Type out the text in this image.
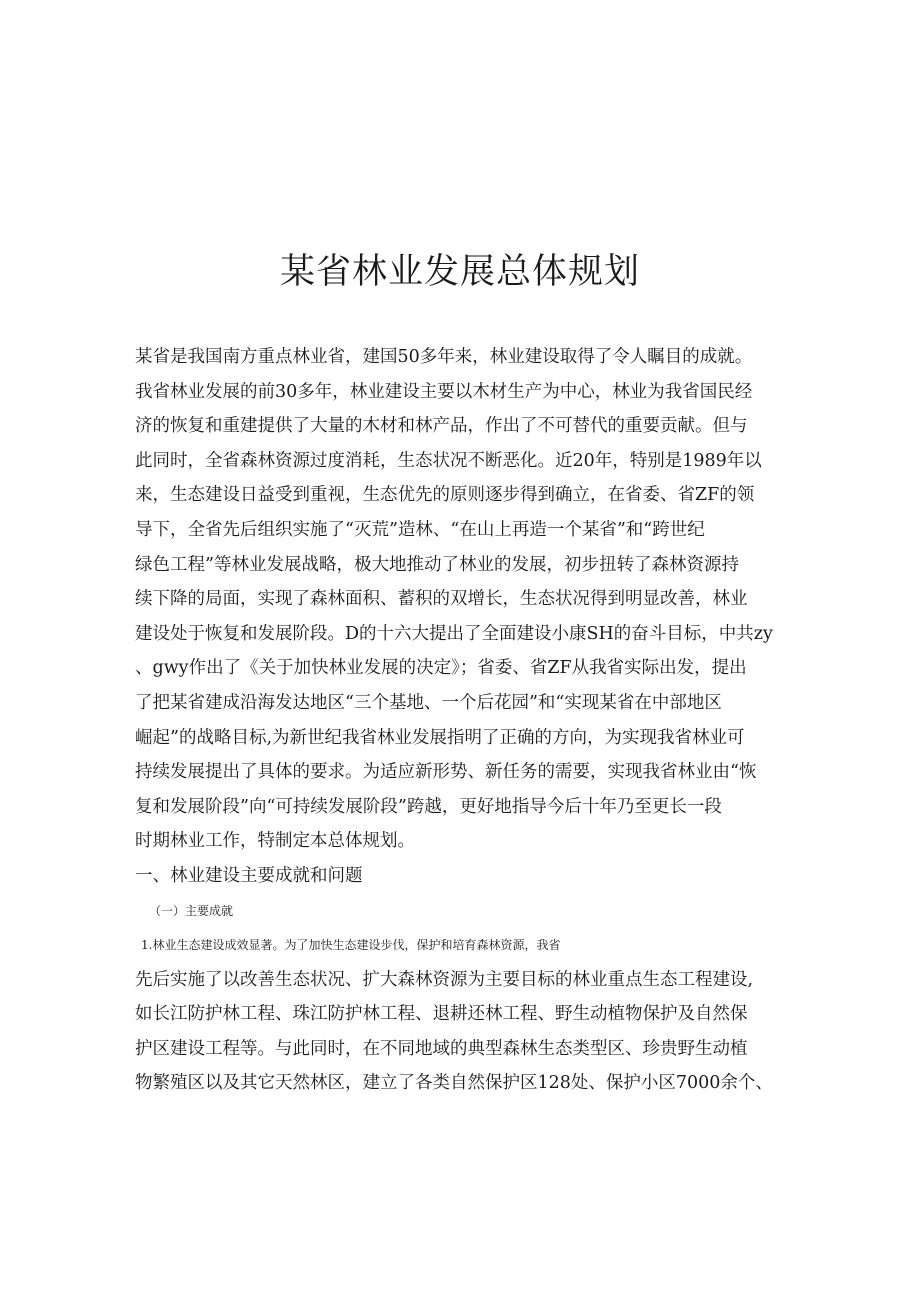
某省林业发展总体规划
某省是我国南方重点林业省，建国50多年来，林业建设取得了令人瞩目的成就。
我省林业发展的前30多年，林业建设主要以木材生产为中心，林业为我省国民经
济的恢复和重建提供了大量的木材和林产品，作出了不可替代的重要贡献。但与
此同时，全省森林资源过度消耗，生态状况不断恶化。近20年，特别是1989年以
来，生态建设日益受到重视，生态优先的原则逐步得到确立，在省委、省ZF的领
导下，全省先后组织实施了“灭荒”造林、“在山上再造一个某省”和“跨世纪
绿色工程”等林业发展战略，极大地推动了林业的发展，初步扭转了森林资源持
续下降的局面，实现了森林面积、蓄积的双增长，生态状况得到明显改善，林业
建设处于恢复和发展阶段。D的十六大提出了全面建设小康SH的奋斗目标，中共zy
、gwy作出了《关于加快林业发展的决定》；省委、省ZF从我省实际出发，提出
了把某省建成沿海发达地区“三个基地、一个后花园”和“实现某省在中部地区
崛起”的战略目标,为新世纪我省林业发展指明了正确的方向，为实现我省林业可
持续发展提出了具体的要求。为适应新形势、新任务的需要，实现我省林业由“恢
复和发展阶段”向“可持续发展阶段”跨越，更好地指导今后十年乃至更长一段
时期林业工作，特制定本总体规划。
一、林业建设主要成就和问题
（一）主要成就
1.林业生态建设成效显著。为了加快生态建设步伐，保护和培育森林资源，我省
先后实施了以改善生态状况、扩大森林资源为主要目标的林业重点生态工程建设,
如长江防护林工程、珠江防护林工程、退耕还林工程、野生动植物保护及自然保
护区建设工程等。与此同时，在不同地域的典型森林生态类型区、珍贵野生动植
物繁殖区以及其它天然林区，建立了各类自然保护区128处、保护小区7000余个、
